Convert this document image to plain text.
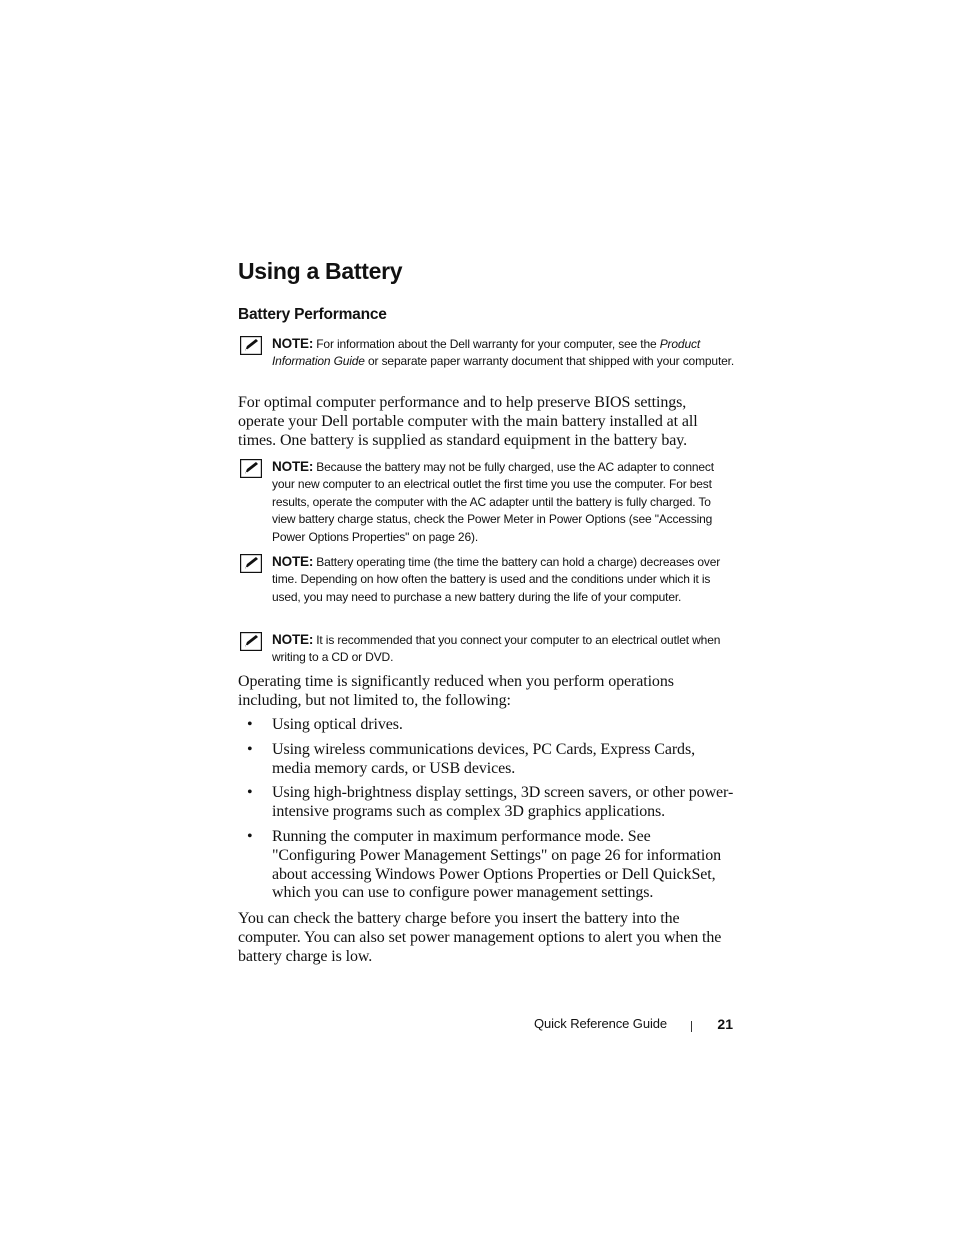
Using a Battery
Battery Performance
NOTE: For information about the Dell warranty for your computer, see the Product Information Guide or separate paper warranty document that shipped with your computer.

For optimal computer performance and to help preserve BIOS settings, operate your Dell portable computer with the main battery installed at all times. One battery is supplied as standard equipment in the battery bay.

NOTE: Because the battery may not be fully charged, use the AC adapter to connect your new computer to an electrical outlet the first time you use the computer. For best results, operate the computer with the AC adapter until the battery is fully charged. To view battery charge status, check the Power Meter in Power Options (see "Accessing Power Options Properties" on page 26).
NOTE: Battery operating time (the time the battery can hold a charge) decreases over time. Depending on how often the battery is used and the conditions under which it is used, you may need to purchase a new battery during the life of your computer.
NOTE: It is recommended that you connect your computer to an electrical outlet when writing to a CD or DVD.

Operating time is significantly reduced when you perform operations including, but not limited to, the following:

• Using optical drives.
• Using wireless communications devices, PC Cards, Express Cards, media memory cards, or USB devices.
• Using high-brightness display settings, 3D screen savers, or other power-intensive programs such as complex 3D graphics applications.
• Running the computer in maximum performance mode. See "Configuring Power Management Settings" on page 26 for information about accessing Windows Power Options Properties or Dell QuickSet, which you can use to configure power management settings.

You can check the battery charge before you insert the battery into the computer. You can also set power management options to alert you when the battery charge is low.

Quick Reference Guide	21
